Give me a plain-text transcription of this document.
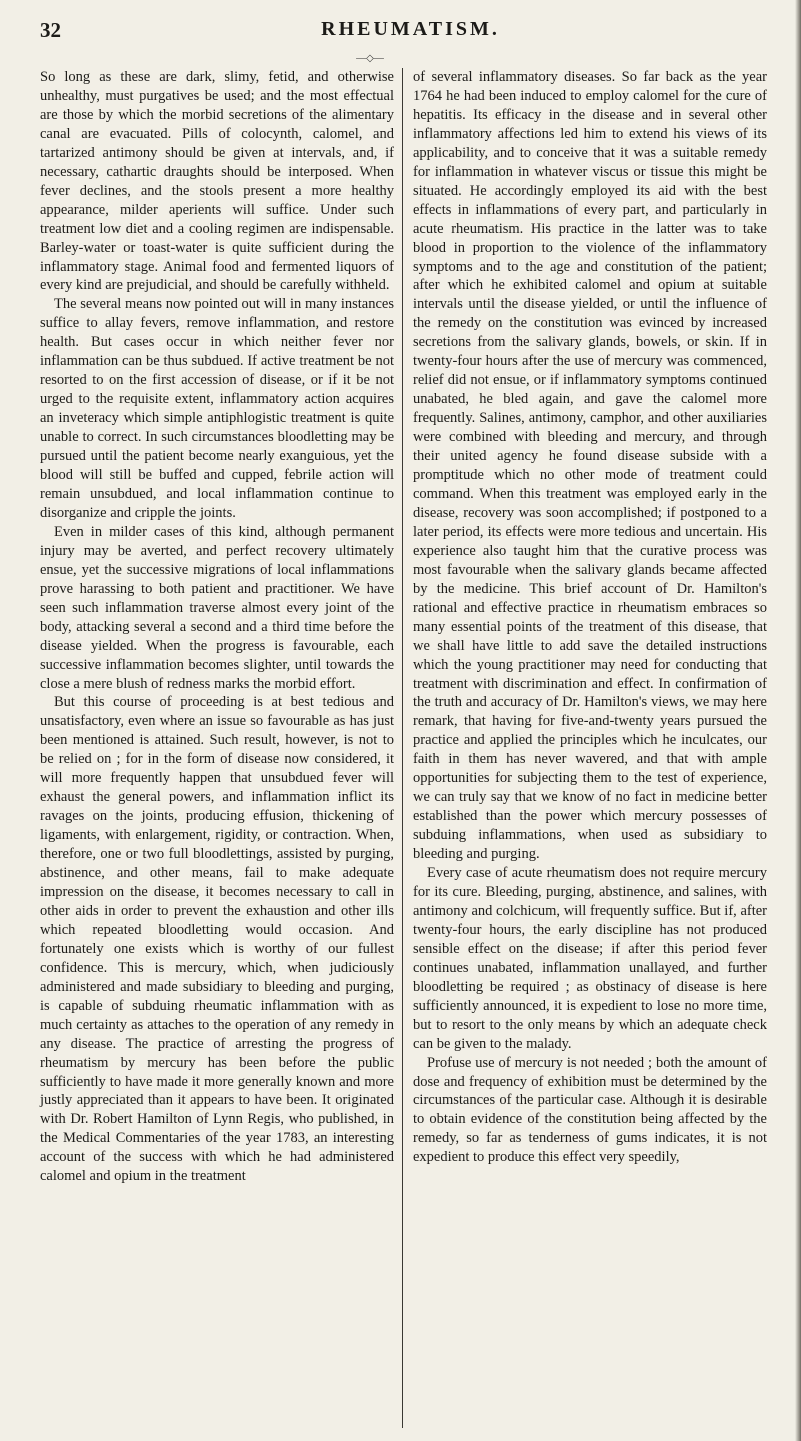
32	RHEUMATISM.
—◇—

So long as these are dark, slimy, fetid, and otherwise unhealthy, must purgatives be used; and the most effectual are those by which the morbid secretions of the alimentary canal are evacuated. Pills of colocynth, calomel, and tartarized antimony should be given at intervals, and, if necessary, cathartic draughts should be interposed. When fever declines, and the stools present a more healthy appearance, milder aperients will suffice. Under such treatment low diet and a cooling regimen are indispensable. Barley-water or toast-water is quite sufficient during the inflammatory stage. Animal food and fermented liquors of every kind are prejudicial, and should be carefully withheld.

The several means now pointed out will in many instances suffice to allay fevers, remove inflammation, and restore health. But cases occur in which neither fever nor inflammation can be thus subdued. If active treatment be not resorted to on the first accession of disease, or if it be not urged to the requisite extent, inflammatory action acquires an inveteracy which simple antiphlogistic treatment is quite unable to correct. In such circumstances bloodletting may be pursued until the patient become nearly exanguious, yet the blood will still be buffed and cupped, febrile action will remain unsubdued, and local inflammation continue to disorganize and cripple the joints.

Even in milder cases of this kind, although permanent injury may be averted, and perfect recovery ultimately ensue, yet the successive migrations of local inflammations prove harassing to both patient and practitioner. We have seen such inflammation traverse almost every joint of the body, attacking several a second and a third time before the disease yielded. When the progress is favourable, each successive inflammation becomes slighter, until towards the close a mere blush of redness marks the morbid effort.

But this course of proceeding is at best tedious and unsatisfactory, even where an issue so favourable as has just been mentioned is attained. Such result, however, is not to be relied on ; for in the form of disease now considered, it will more frequently happen that unsubdued fever will exhaust the general powers, and inflammation inflict its ravages on the joints, producing effusion, thickening of ligaments, with enlargement, rigidity, or contraction. When, therefore, one or two full bloodlettings, assisted by purging, abstinence, and other means, fail to make adequate impression on the disease, it becomes necessary to call in other aids in order to prevent the exhaustion and other ills which repeated bloodletting would occasion. And fortunately one exists which is worthy of our fullest confidence. This is mercury, which, when judiciously administered and made subsidiary to bleeding and purging, is capable of subduing rheumatic inflammation with as much certainty as attaches to the operation of any remedy in any disease. The practice of arresting the progress of rheumatism by mercury has been before the public sufficiently to have made it more generally known and more justly appreciated than it appears to have been. It originated with Dr. Robert Hamilton of Lynn Regis, who published, in the Medical Commentaries of the year 1783, an interesting account of the success with which he had administered calomel and opium in the treatment

of several inflammatory diseases. So far back as the year 1764 he had been induced to employ calomel for the cure of hepatitis. Its efficacy in the disease and in several other inflammatory affections led him to extend his views of its applicability, and to conceive that it was a suitable remedy for inflammation in whatever viscus or tissue this might be situated. He accordingly employed its aid with the best effects in inflammations of every part, and particularly in acute rheumatism. His practice in the latter was to take blood in proportion to the violence of the inflammatory symptoms and to the age and constitution of the patient; after which he exhibited calomel and opium at suitable intervals until the disease yielded, or until the influence of the remedy on the constitution was evinced by increased secretions from the salivary glands, bowels, or skin. If in twenty-four hours after the use of mercury was commenced, relief did not ensue, or if inflammatory symptoms continued unabated, he bled again, and gave the calomel more frequently. Salines, antimony, camphor, and other auxiliaries were combined with bleeding and mercury, and through their united agency he found disease subside with a promptitude which no other mode of treatment could command. When this treatment was employed early in the disease, recovery was soon accomplished; if postponed to a later period, its effects were more tedious and uncertain. His experience also taught him that the curative process was most favourable when the salivary glands became affected by the medicine. This brief account of Dr. Hamilton's rational and effective practice in rheumatism embraces so many essential points of the treatment of this disease, that we shall have little to add save the detailed instructions which the young practitioner may need for conducting that treatment with discrimination and effect. In confirmation of the truth and accuracy of Dr. Hamilton's views, we may here remark, that having for five-and-twenty years pursued the practice and applied the principles which he inculcates, our faith in them has never wavered, and that with ample opportunities for subjecting them to the test of experience, we can truly say that we know of no fact in medicine better established than the power which mercury possesses of subduing inflammations, when used as subsidiary to bleeding and purging.

Every case of acute rheumatism does not require mercury for its cure. Bleeding, purging, abstinence, and salines, with antimony and colchicum, will frequently suffice. But if, after twenty-four hours, the early discipline has not produced sensible effect on the disease; if after this period fever continues unabated, inflammation unallayed, and further bloodletting be required ; as obstinacy of disease is here sufficiently announced, it is expedient to lose no more time, but to resort to the only means by which an adequate check can be given to the malady.

Profuse use of mercury is not needed ; both the amount of dose and frequency of exhibition must be determined by the circumstances of the particular case. Although it is desirable to obtain evidence of the constitution being affected by the remedy, so far as tenderness of gums indicates, it is not expedient to produce this effect very speedily,
